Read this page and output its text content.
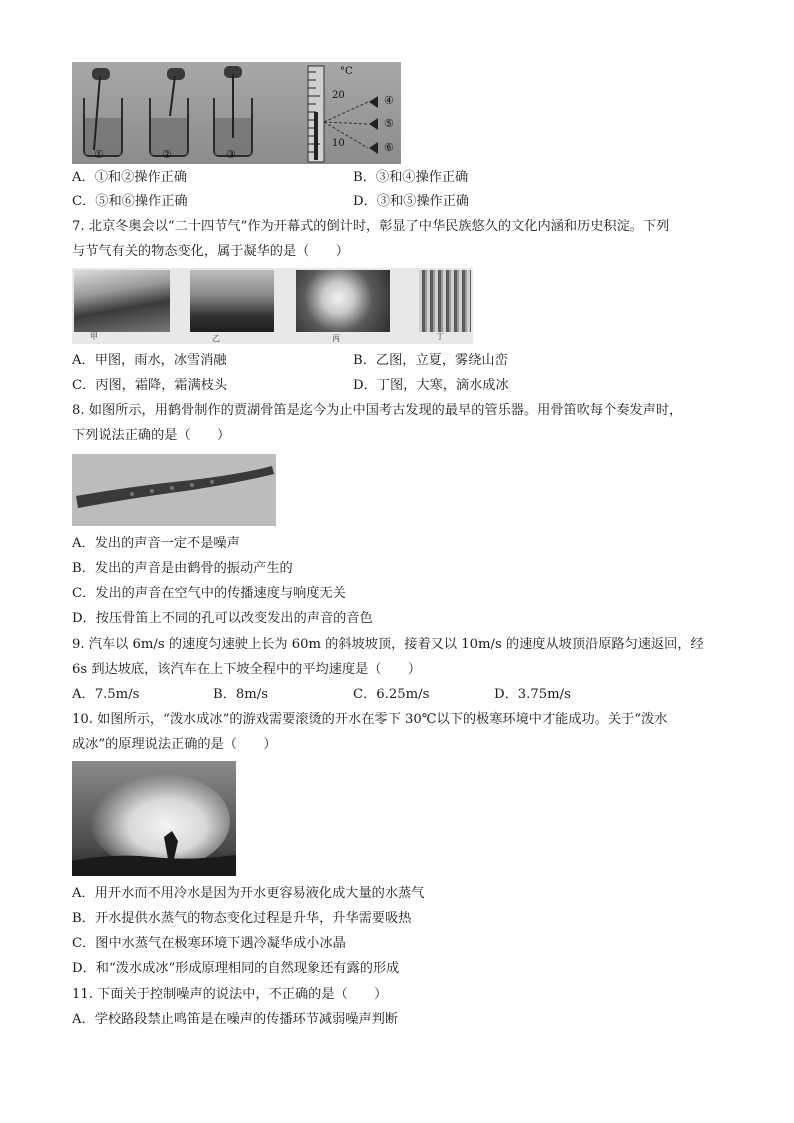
°C
20
10
①	②	③
④
⑤
⑥
A．①和②操作正确	B．③和④操作正确
C．⑤和⑥操作正确	D．③和⑤操作正确
7. 北京冬奥会以“二十四节气”作为开幕式的倒计时，彰显了中华民族悠久的文化内涵和历史积淀。下列
与节气有关的物态变化，属于凝华的是（　　）
甲	乙	丙	丁
A．甲图，雨水，冰雪消融	B．乙图，立夏，雾绕山峦
C．丙图，霜降，霜满枝头	D．丁图，大寒，滴水成冰
8. 如图所示，用鹤骨制作的贾湖骨笛是迄今为止中国考古发现的最早的管乐器。用骨笛吹每个奏发声时，
下列说法正确的是（　　）
A．发出的声音一定不是噪声
B．发出的声音是由鹤骨的振动产生的
C．发出的声音在空气中的传播速度与响度无关
D．按压骨笛上不同的孔可以改变发出的声音的音色
9. 汽车以 6m/s 的速度匀速驶上长为 60m 的斜坡坡顶，接着又以 10m/s 的速度从坡顶沿原路匀速返回，经
6s 到达坡底，该汽车在上下坡全程中的平均速度是（　　）
A．7.5m/s	B．8m/s	C．6.25m/s	D．3.75m/s
10. 如图所示，“泼水成冰”的游戏需要滚烫的开水在零下 30℃以下的极寒环境中才能成功。关于“泼水
成冰”的原理说法正确的是（　　）
A．用开水而不用冷水是因为开水更容易液化成大量的水蒸气
B．开水提供水蒸气的物态变化过程是升华，升华需要吸热
C．图中水蒸气在极寒环境下遇冷凝华成小冰晶
D．和“泼水成冰”形成原理相同的自然现象还有露的形成
11. 下面关于控制噪声的说法中，不正确的是（　　）
A．学校路段禁止鸣笛是在噪声的传播环节减弱噪声判断
